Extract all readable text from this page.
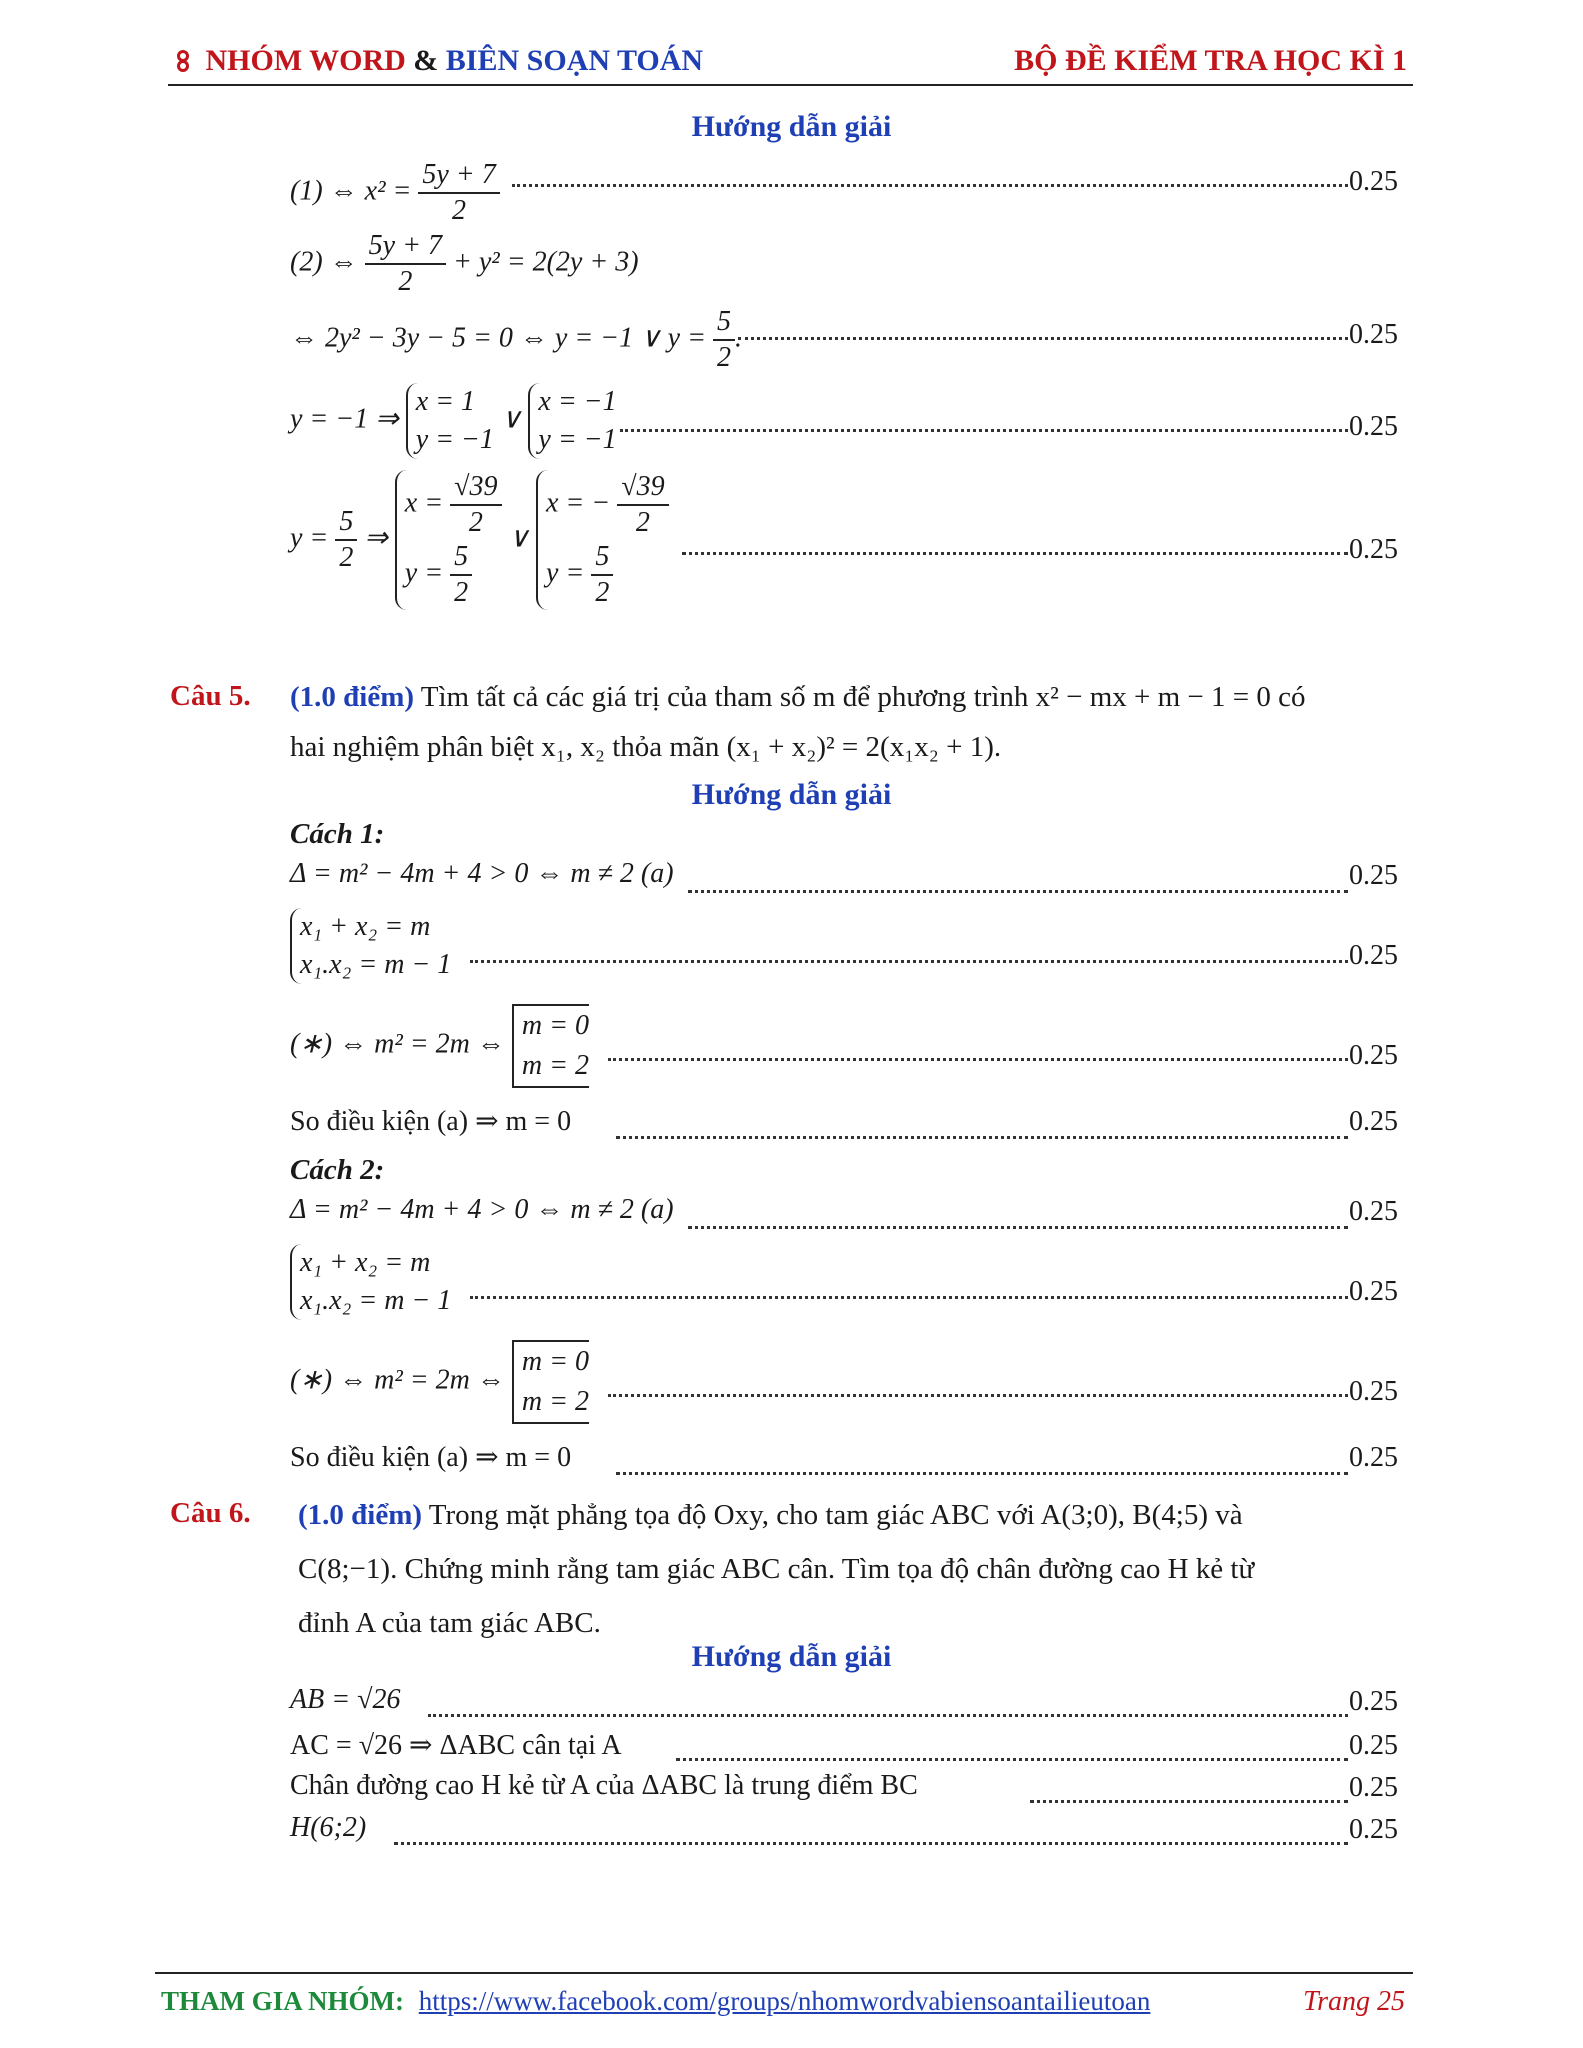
NHÓM WORD & BIÊN SOẠN TOÁN	BỘ ĐỀ KIỂM TRA HỌC KÌ 1
Hướng dẫn giải
(1) ⇔ $x^2 = \frac{5y + 7}{2}$	0.25
(2) ⇔ $\frac{5y + 7}{2} + y^2 = 2(2y + 3)$
⇔ 2y² − 3y − 5 = 0 ⇔ y = −1 ∨ $y = \frac{5}{2}$ .	0.25
y = −1 ⇒
x = 1
y = −1
∨
x = −1
y = −1	0.25
$y = \frac{5}{2}$ ⇒
$x = \frac{√39}{2}$
$y = \frac{5}{2}$
∨
x = − $\frac{√39}{2}$
$y = \frac{5}{2}$	0.25
Câu 5. (1.0 điểm) Tìm tất cả các giá trị của tham số m để phương trình x² − mx + m − 1 = 0 có
hai nghiệm phân biệt x₁, x₂ thỏa mãn (x₁ + x₂)² = 2(x₁x₂ + 1).
Hướng dẫn giải
Cách 1:
Δ = m² − 4m + 4 > 0 ⇔ m ≠ 2 (a)	0.25
x₁ + x₂ = m
x₁.x₂ = m − 1	0.25
(∗) ⇔ m² = 2m ⇔
m = 0
m = 2	0.25
So điều kiện (a) ⇒ m = 0	0.25
Cách 2:
Δ = m² − 4m + 4 > 0 ⇔ m ≠ 2 (a)	0.25
x₁ + x₂ = m
x₁.x₂ = m − 1	0.25
(∗) ⇔ m² = 2m ⇔
m = 0
m = 2	0.25
So điều kiện (a) ⇒ m = 0	0.25
Câu 6. (1.0 điểm) Trong mặt phẳng tọa độ Oxy, cho tam giác ABC với A(3;0), B(4;5) và
C(8;−1). Chứng minh rằng tam giác ABC cân. Tìm tọa độ chân đường cao H kẻ từ
đỉnh A của tam giác ABC.
Hướng dẫn giải
AB = √26	0.25
AC = √26 ⇒ ΔABC cân tại A	0.25
Chân đường cao H kẻ từ A của ΔABC là trung điểm BC	0.25
H(6;2)	0.25
THAM GIA NHÓM: https://www.facebook.com/groups/nhomwordvabiensoantailieutoan	Trang 25
